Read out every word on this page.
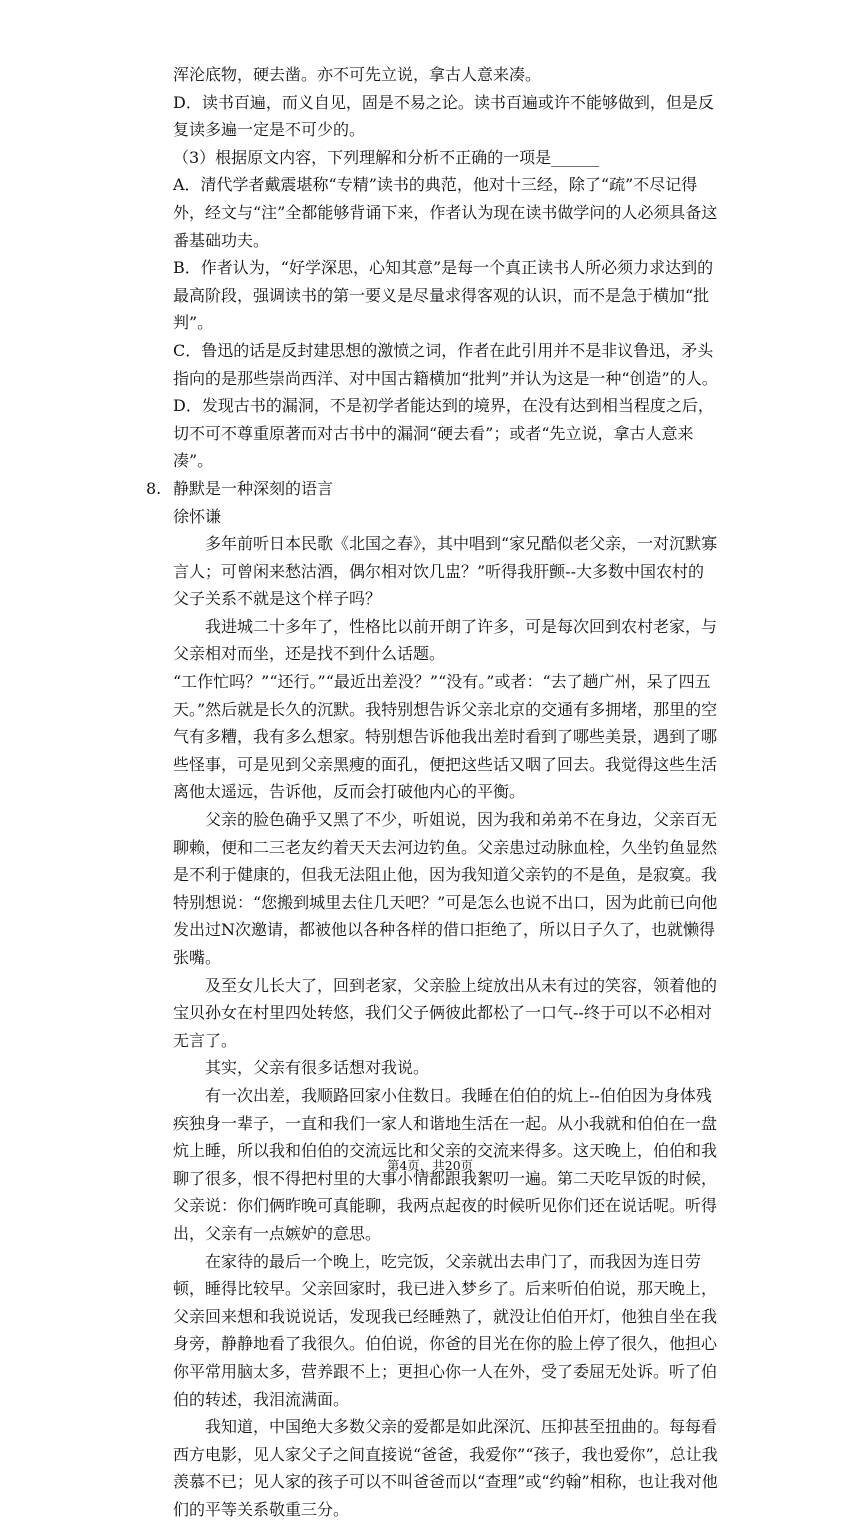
浑沦底物，硬去凿。亦不可先立说，拿古人意来凑。

D．读书百遍，而义自见，固是不易之论。读书百遍或许不能够做到，但是反复读多遍一定是不可少的。

（3）根据原文内容，下列理解和分析不正确的一项是______

A．清代学者戴震堪称“专精”读书的典范，他对十三经，除了“疏”不尽记得外，经文与“注”全都能够背诵下来，作者认为现在读书做学问的人必须具备这番基础功夫。

B．作者认为，“好学深思，心知其意”是每一个真正读书人所必须力求达到的最高阶段，强调读书的第一要义是尽量求得客观的认识，而不是急于横加“批判”。

C．鲁迅的话是反封建思想的激愤之词，作者在此引用并不是非议鲁迅，矛头指向的是那些崇尚西洋、对中国古籍横加“批判”并认为这是一种“创造”的人。

D．发现古书的漏洞，不是初学者能达到的境界，在没有达到相当程度之后，切不可不尊重原著而对古书中的漏洞“硬去看”；或者“先立说，拿古人意来凑”。

8. 静默是一种深刻的语言

徐怀谦

多年前听日本民歌《北国之春》，其中唱到“家兄酷似老父亲，一对沉默寡言人；可曾闲来愁沽酒，偶尔相对饮几盅？”听得我肝颤--大多数中国农村的父子关系不就是这个样子吗？

我进城二十多年了，性格比以前开朗了许多，可是每次回到农村老家，与父亲相对而坐，还是找不到什么话题。

“工作忙吗？”“还行。”“最近出差没？”“没有。”或者：“去了趟广州，呆了四五天。”然后就是长久的沉默。我特别想告诉父亲北京的交通有多拥堵，那里的空气有多糟，我有多么想家。特别想告诉他我出差时看到了哪些美景，遇到了哪些怪事，可是见到父亲黑瘦的面孔，便把这些话又咽了回去。我觉得这些生活离他太遥远，告诉他，反而会打破他内心的平衡。

父亲的脸色确乎又黑了不少，听姐说，因为我和弟弟不在身边，父亲百无聊赖，便和二三老友约着天天去河边钓鱼。父亲患过动脉血栓，久坐钓鱼显然是不利于健康的，但我无法阻止他，因为我知道父亲钓的不是鱼，是寂寞。我特别想说：“您搬到城里去住几天吧？”可是怎么也说不出口，因为此前已向他发出过N次邀请，都被他以各种各样的借口拒绝了，所以日子久了，也就懒得张嘴。

及至女儿长大了，回到老家，父亲脸上绽放出从未有过的笑容，领着他的宝贝孙女在村里四处转悠，我们父子俩彼此都松了一口气--终于可以不必相对无言了。

其实，父亲有很多话想对我说。

有一次出差，我顺路回家小住数日。我睡在伯伯的炕上--伯伯因为身体残疾独身一辈子，一直和我们一家人和谐地生活在一起。从小我就和伯伯在一盘炕上睡，所以我和伯伯的交流远比和父亲的交流来得多。这天晚上，伯伯和我聊了很多，恨不得把村里的大事小情都跟我絮叨一遍。第二天吃早饭的时候，父亲说：你们俩昨晚可真能聊，我两点起夜的时候听见你们还在说话呢。听得出，父亲有一点嫉妒的意思。

在家待的最后一个晚上，吃完饭，父亲就出去串门了，而我因为连日劳顿，睡得比较早。父亲回家时，我已进入梦乡了。后来听伯伯说，那天晚上，父亲回来想和我说说话，发现我已经睡熟了，就没让伯伯开灯，他独自坐在我身旁，静静地看了我很久。伯伯说，你爸的目光在你的脸上停了很久，他担心你平常用脑太多，营养跟不上；更担心你一人在外，受了委屈无处诉。听了伯伯的转述，我泪流满面。

我知道，中国绝大多数父亲的爱都是如此深沉、压抑甚至扭曲的。每每看西方电影，见人家父子之间直接说“爸爸，我爱你”“孩子，我也爱你”，总让我羡慕不已；见人家的孩子可以不叫爸爸而以“查理”或“约翰”相称，也让我对他们的平等关系敬重三分。

第4页，共20页
